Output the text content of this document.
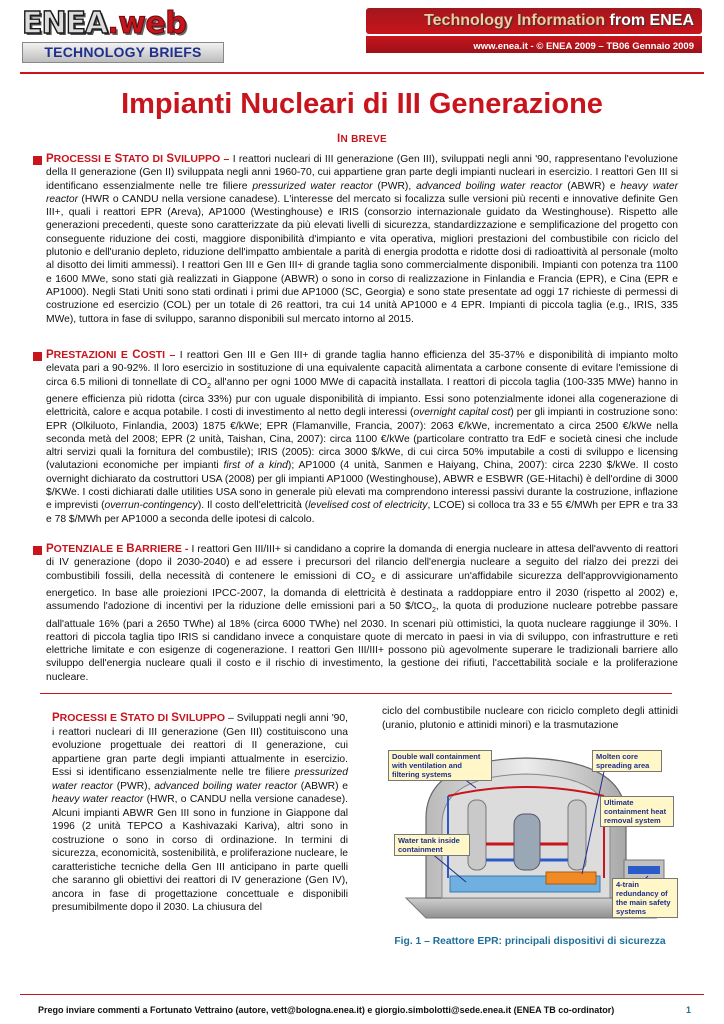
ENEA .web
TECHNOLOGY BRIEFS
Technology Information from ENEA
www.enea.it - © ENEA 2009 – TB06 Gennaio 2009
Impianti Nucleari di III Generazione
IN BREVE
PROCESSI E STATO DI SVILUPPO – I reattori nucleari di III generazione (Gen III), sviluppati negli anni '90, rappresentano l'evoluzione della II generazione (Gen II) sviluppata negli anni 1960-70, cui appartiene gran parte degli impianti nucleari in esercizio. I reattori Gen III si identificano essenzialmente nelle tre filiere pressurized water reactor (PWR), advanced boiling water reactor (ABWR) e heavy water reactor (HWR o CANDU nella versione canadese). L'interesse del mercato si focalizza sulle versioni più recenti e innovative definite Gen III+, quali i reattori EPR (Areva), AP1000 (Westinghouse) e IRIS (consorzio internazionale guidato da Westinghouse). Rispetto alle generazioni precedenti, queste sono caratterizzate da più elevati livelli di sicurezza, standardizzazione e semplificazione del progetto con conseguente riduzione dei costi, maggiore disponibilità d'impianto e vita operativa, migliori prestazioni del combustibile con riciclo del plutonio e dell'uranio depleto, riduzione dell'impatto ambientale a parità di energia prodotta e ridotte dosi di radioattività al personale (molto al disotto dei limiti ammessi). I reattori Gen III e Gen III+ di grande taglia sono commercialmente disponibili. Impianti con potenza tra 1100 e 1600 MWe, sono stati già realizzati in Giappone (ABWR) o sono in corso di realizzazione in Finlandia e Francia (EPR), e Cina (EPR e AP1000). Negli Stati Uniti sono stati ordinati i primi due AP1000 (SC, Georgia) e sono state presentate ad oggi 17 richieste di permessi di costruzione ed esercizio (COL) per un totale di 26 reattori, tra cui 14 unità AP1000 e 4 EPR. Impianti di piccola taglia (e.g., IRIS, 335 MWe), tuttora in fase di sviluppo, saranno disponibili sul mercato intorno al 2015.
PRESTAZIONI E COSTI – I reattori Gen III e Gen III+ di grande taglia hanno efficienza del 35-37% e disponibilità di impianto molto elevata pari a 90-92%. Il loro esercizio in sostituzione di una equivalente capacità alimentata a carbone consente di evitare l'emissione di circa 6.5 milioni di tonnellate di $CO_2$ all'anno per ogni 1000 MWe di capacità installata. I reattori di piccola taglia (100-335 MWe) hanno in genere efficienza più ridotta (circa 33%) pur con uguale disponibilità di impianto. Essi sono potenzialmente idonei alla cogenerazione di elettricità, calore e acqua potabile. I costi di investimento al netto degli interessi (overnight capital cost) per gli impianti in costruzione sono: EPR (Olkiluoto, Finlandia, 2003) 1875 €/kWe; EPR (Flamanville, Francia, 2007): 2063 €/kWe, incrementato a circa 2500 €/kWe nella seconda metà del 2008; EPR (2 unità, Taishan, Cina, 2007): circa 1100 €/kWe (particolare contratto tra EdF e società cinesi che include altri servizi quali la fornitura del combustile); IRIS (2005): circa 3000 $/kWe, di cui circa 50% imputabile a costi di sviluppo e licensing (valutazioni economiche per impianti first of a kind); AP1000 (4 unità, Sanmen e Haiyang, China, 2007): circa 2230 $/kWe. Il costo overnight dichiarato da costruttori USA (2008) per gli impianti AP1000 (Westinghouse), ABWR e ESBWR (GE-Hitachi) è dell'ordine di 3000 $/KWe. I costi dichiarati dalle utilities USA sono in generale più elevati ma comprendono interessi passivi durante la costruzione, inflazione e imprevisti (overrun-contingency). Il costo dell'elettricità (levelised cost of electricity, LCOE) si colloca tra 33 e 55 €/MWh per EPR e tra 33 e 78 $/MWh per AP1000 a seconda delle ipotesi di calcolo.
POTENZIALE E BARRIERE - I reattori Gen III/III+ si candidano a coprire la domanda di energia nucleare in attesa dell'avvento di reattori di IV generazione (dopo il 2030-2040) e ad essere i precursori del rilancio dell'energia nucleare a seguito del rialzo dei prezzi dei combustibili fossili, della necessità di contenere le emissioni di $CO_2$ e di assicurare un'affidabile sicurezza dell'approvvigionamento energetico. In base alle proiezioni IPCC-2007, la domanda di elettricità è destinata a raddoppiare entro il 2030 (rispetto al 2002) e, assumendo l'adozione di incentivi per la riduzione delle emissioni pari a 50 $/tCO$_2$, la quota di produzione nucleare potrebbe passare dall'attuale 16% (pari a 2650 TWhe) al 18% (circa 6000 TWhe) nel 2030. In scenari più ottimistici, la quota nucleare raggiunge il 30%. I reattori di piccola taglia tipo IRIS si candidano invece a conquistare quote di mercato in paesi in via di sviluppo, con infrastrutture e reti elettriche limitate e con esigenze di cogenerazione. I reattori Gen III/III+ possono più agevolmente superare le tradizionali barriere allo sviluppo dell'energia nucleare quali il costo e il rischio di investimento, la gestione dei rifiuti, l'accettabilità sociale e la proliferazione nucleare.
PROCESSI E STATO DI SVILUPPO – Sviluppati negli anni '90, i reattori nucleari di III generazione (Gen III) costituiscono una evoluzione progettuale dei reattori di II generazione, cui appartiene gran parte degli impianti attualmente in esercizio. Essi si identificano essenzialmente nelle tre filiere pressurized water reactor (PWR), advanced boiling water reactor (ABWR) e heavy water reactor (HWR, o CANDU nella versione canadese). Alcuni impianti ABWR Gen III sono in funzione in Giappone dal 1996 (2 unità TEPCO a Kashivazaki Kariva), altri sono in costruzione o sono in corso di ordinazione. In termini di sicurezza, economicità, sostenibilità, e proliferazione nucleare, le caratteristiche tecniche della Gen III anticipano in parte quelli che saranno gli obiettivi dei reattori di IV generazione (Gen IV), ancora in fase di progettazione concettuale e disponibili presumibilmente dopo il 2030. La chiusura del
ciclo del combustibile nucleare con riciclo completo degli attinidi (uranio, plutonio e attinidi minori) e la trasmutazione
Double wall containment with ventilation and filtering systems
Molten core spreading area
Ultimate containment heat removal system
Water tank inside containment
4-train redundancy of the main safety systems
Fig. 1 – Reattore EPR: principali dispositivi di sicurezza
Prego inviare commenti a Fortunato Vettraino (autore, vett@bologna.enea.it) e giorgio.simbolotti@sede.enea.it (ENEA TB co-ordinator)	1
